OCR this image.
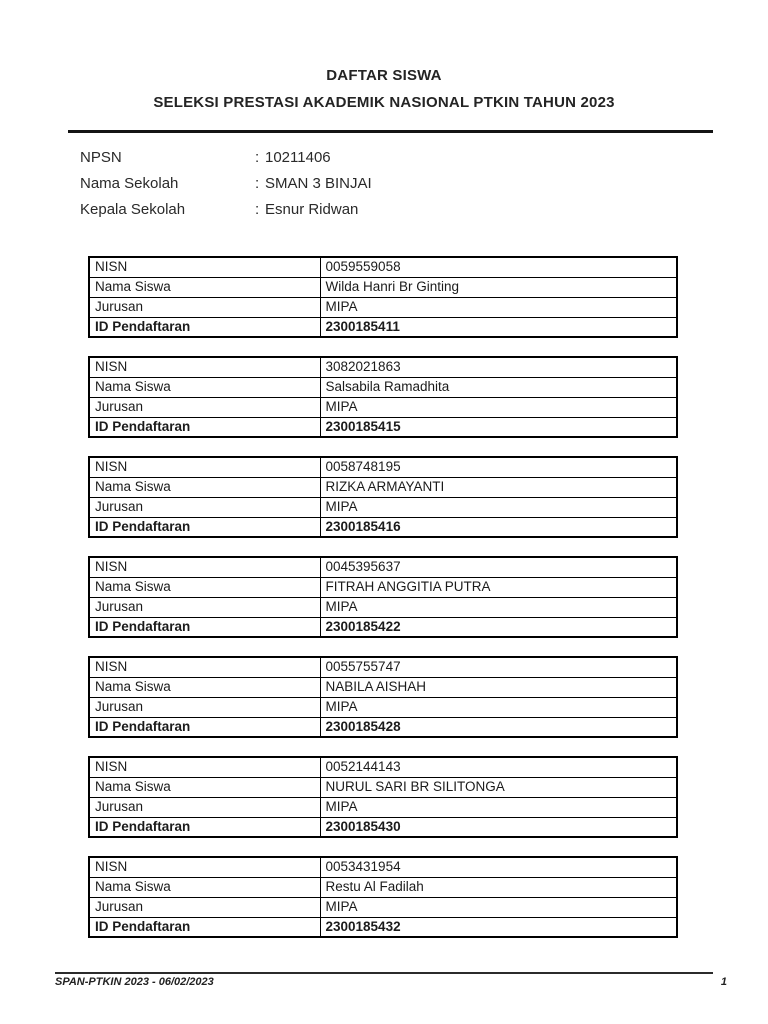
DAFTAR SISWA
SELEKSI PRESTASI AKADEMIK NASIONAL PTKIN TAHUN 2023
NPSN	: 10211406
Nama Sekolah	: SMAN 3 BINJAI
Kepala Sekolah	: Esnur Ridwan
NISN	0059559058
Nama Siswa	Wilda Hanri Br Ginting
Jurusan	MIPA
ID Pendaftaran	2300185411
NISN	3082021863
Nama Siswa	Salsabila Ramadhita
Jurusan	MIPA
ID Pendaftaran	2300185415
NISN	0058748195
Nama Siswa	RIZKA ARMAYANTI
Jurusan	MIPA
ID Pendaftaran	2300185416
NISN	0045395637
Nama Siswa	FITRAH ANGGITIA PUTRA
Jurusan	MIPA
ID Pendaftaran	2300185422
NISN	0055755747
Nama Siswa	NABILA AISHAH
Jurusan	MIPA
ID Pendaftaran	2300185428
NISN	0052144143
Nama Siswa	NURUL SARI BR SILITONGA
Jurusan	MIPA
ID Pendaftaran	2300185430
NISN	0053431954
Nama Siswa	Restu Al Fadilah
Jurusan	MIPA
ID Pendaftaran	2300185432
SPAN-PTKIN 2023 - 06/02/2023	1
